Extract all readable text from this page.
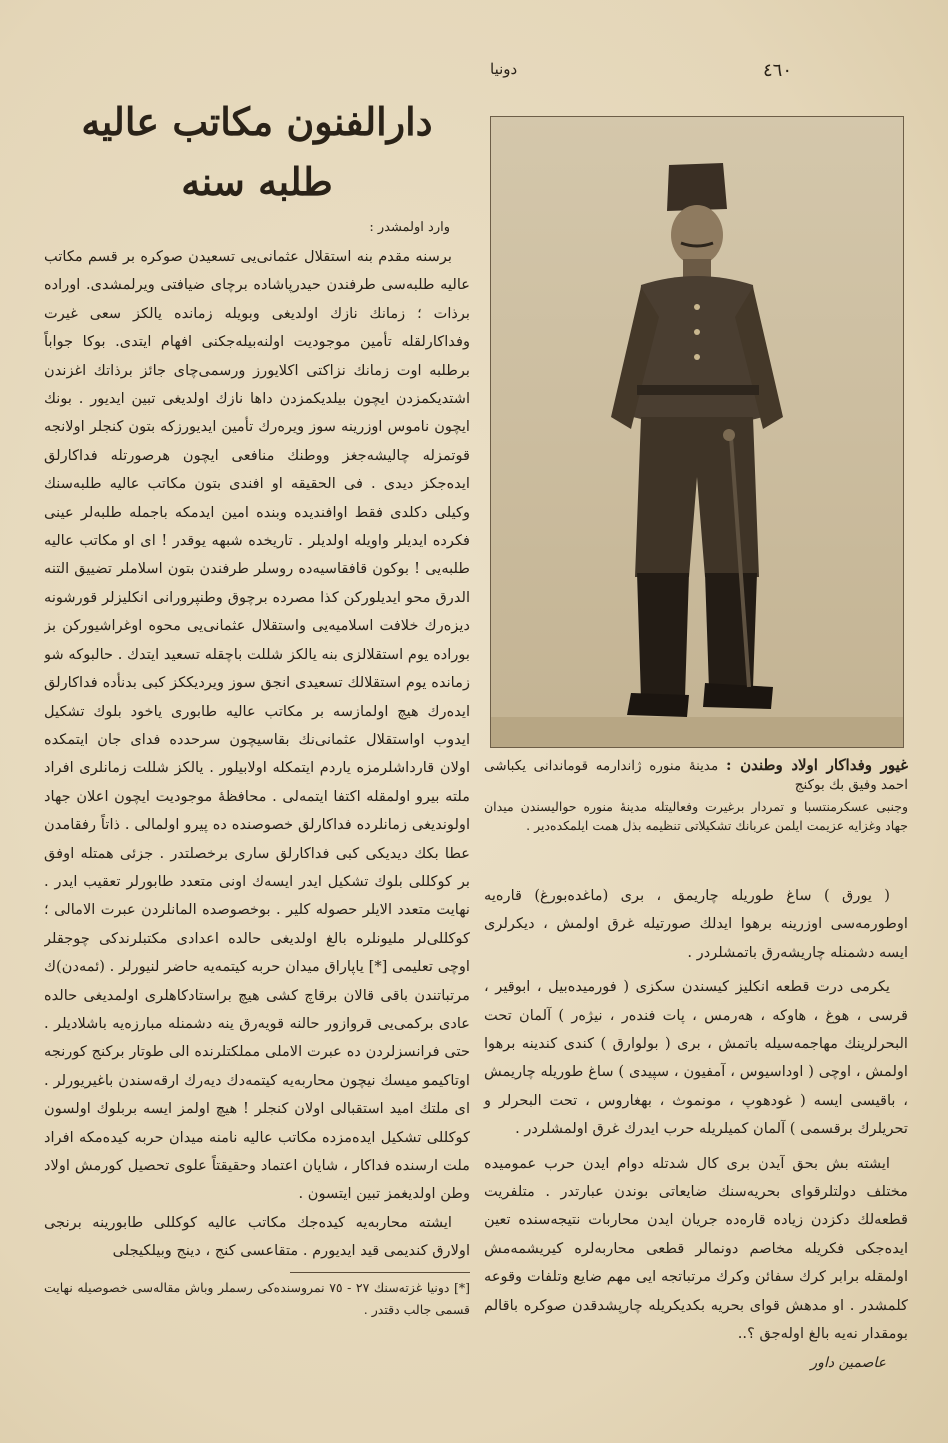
٤٦٠
دونیا

غیور وفداکار اولاد وطندن : مدینهٔ منوره ژاندارمه‌ قوماندانی یکباشی احمد وفیق بك بوکنج

وجنبی عسکرمنتسبا و تمردار برغیرت وفعالیتله مدینهٔ منوره حوالیسندن میدان جهاد وغزایه عزیمت ایلمن عربانك تشکیلاتی تنظیمه بذل همت ایلمکده‌دیر .

( یورق ) ساغ طوریله چاریمق ، بری (ماغده‌بورغ) قاره‌یه اوطورمه‌سی اوزرینه برهوا ایدلك صورتیله غرق اولمش ، دیکرلری ایسه دشمنله چاریشه‌رق باتمشلردر .

یکرمی درت قطعه انکلیز کیسندن سکزی ( فورمیده‌بیل ، ابوقیر ، قرسی ، هوغ ، هاوکه ، هه‌رمس ، پات فنده‌ر ، نیژه‌ر ) آلمان تحت البحرلرینك مهاجمه‌سیله باتمش ، بری ( بولوارق ) کندی کندینه برهوا اولمش ، اوچی ( اوداسیوس ، آمفیون ، سپیدی ) ساغ طوریله چاریمش ، باقیسی ایسه ( غودهوپ ، مونموث ، بهغاروس ، تحت البحرلر و تحریلرك برقسمی ) آلمان کمیلریله حرب ایدرك غرق اولمشلردر .

ایشته بش بحق آیدن بری کال شدتله دوام ایدن حرب عمومیده مختلف دولتلرقوای بحریه‌سنك ضایعاتی بوندن عبارتدر . متلفریت قطعه‌لك دکزدن زیاده قاره‌ده جریان ایدن محاربات نتیجه‌سنده تعین ایده‌جکی فکریله مخاصم دونمالر قطعی محاربه‌لره کیریشمه‌مش اولمقله برابر کرك سفائن وکرك مرتباتجه ایی مهم ضایع وتلفات وقوعه کلمشدر . او مدهش قوای بحریه بکدیکریله چارپشدقدن صوکره باقالم بومقدار نه‌یه بالغ اوله‌جق ؟..

عاصمین داور
دارالفنون مکاتب عالیه طلبه سنه

وارد اولمشدر :

برسنه مقدم بنه استقلال عثمانی‌یی تسعیدن صوکره بر قسم مکاتب عالیه طلبه‌سی طرفندن حیدرپاشاده برچای ضیافتی ویرلمشدی. اوراده برذات ؛ زمانك نازك اولدیغی وبویله زمانده یالکز سعی غیرت وفداکارلقله تأمین موجودیت اولنه‌بیله‌جکنی افهام ایتدی. بوکا جواباً برطلبه اوت زمانك نزاکتی اکلایورز ورسمی‌چای‌ جائز برذاتك اغزندن اشتدیکمزدن ایچون بیلدیکمزدن داها نازك اولدیغی تبین ایدیور . بونك ایچون ناموس اوزرینه سوز ویره‌رك تأمین ایدیورزکه بتون کنجلر اولانجه قوتمزله چالیشه‌جغز ووطنك منافعی ایچون هرصورتله فداکارلق ایده‌جکز دیدی . فی الحقیقه او افندی بتون مکاتب عالیه طلبه‌سنك وکیلی دکلدی فقط اوافندیده وبنده امین ایدمکه باجمله طلبه‌لر عینی فکرده ایدیلر واویله اولدیلر . تاریخده شبهه یوقدر ! ای او مکاتب عالیه طلبه‌یی ! بوکون قافقاسیه‌ده روسلر طرفندن بتون اسلاملر تضییق التنه الدرق محو ایدیلورکن کذا مصرده برچوق وطنپرورانی انکلیزلر قورشونه دیزه‌رك خلافت اسلامیه‌یی واستقلال عثمانی‌یی محوه اوغراشیورکن بز بوراده یوم استقلالزی بنه یالکز شللت باچقله تسعید ایتدك . حالبوکه شو زمانده یوم استقلالك تسعیدی انجق سوز ویردیککز کبی بدنأده فداکارلق ایده‌رك هیچ اولمازسه بر مکاتب عالیه طابوری یاخود بلوك تشکیل ایدوب اواستقلال عثمانی‌نك بقاسیچون سرحدده فدای جان ایتمکده اولان قارداشلرمزه یاردم ایتمکله اولابیلور . یالکز شللت زمانلری افراد ملته بیرو اولمقله اکتفا ایتمه‌لی . محافظهٔ موجودیت ایچون اعلان جهاد اولوندیغی زمانلرده فداکارلق خصوصنده ده پیرو اولمالی . ذاتاً رفقامدن عطا بکك دیدیکی کبی فداکارلق ساری برخصلتدر . جزئی همتله اوفق بر کوکللی بلوك تشکیل ایدر ایسه‌ك اونی متعدد طابورلر تعقیب ایدر . نهایت متعدد الایلر حصوله کلیر . بوخصوصده المانلردن عبرت الامالی ؛ کوکللی‌لر ملیونلره بالغ اولدیغی حالده اعدادی مکتبلرندکی چوجقلر اوچی تعلیمی [*] یاپاراق میدان حربه کیتمه‌یه حاضر لنیورلر . (ئمه‌دن)ك مرتباتندن باقی قالان برقاچ کشی هیچ براستادکاهلری اولمدیغی حالده عادی برکمی‌یی قروازور حالنه قویه‌رق ینه دشمنله مبارزه‌یه باشلادیلر . حتی فرانسزلردن ده عبرت الاملی مملکتلرنده الی طوتار برکنج کورنجه اوتاکیمو میسك نیچون محاربه‌یه کیتمه‌دك دیه‌رك ارقه‌سندن باغیریورلر . ای ملتك امید استقبالی اولان کنجلر ! هیچ اولمز ایسه بربلوك اولسون کوکللی تشکیل ایده‌مزده مکاتب عالیه نامنه میدان حربه کیده‌مکه افراد ملت ارسنده فداکار ، شایان اعتماد وحقیقتاً علوی تحصیل کورمش اولاد وطن اولدیغمز تبین ایتسون .

ایشته محاربه‌یه کیده‌جك مکاتب عالیه کوکللی طابورینه برنجی اولارق کندیمی قید ایدیورم . متقاعسی کنج ، دینج وبیلکیجلی

[*] دونیا غزته‌سنك ٢٧ - ٧٥ نمروسنده‌کی رسملر وباش مقاله‌سی خصوصیله نهایت قسمی جالب دقتدر .
